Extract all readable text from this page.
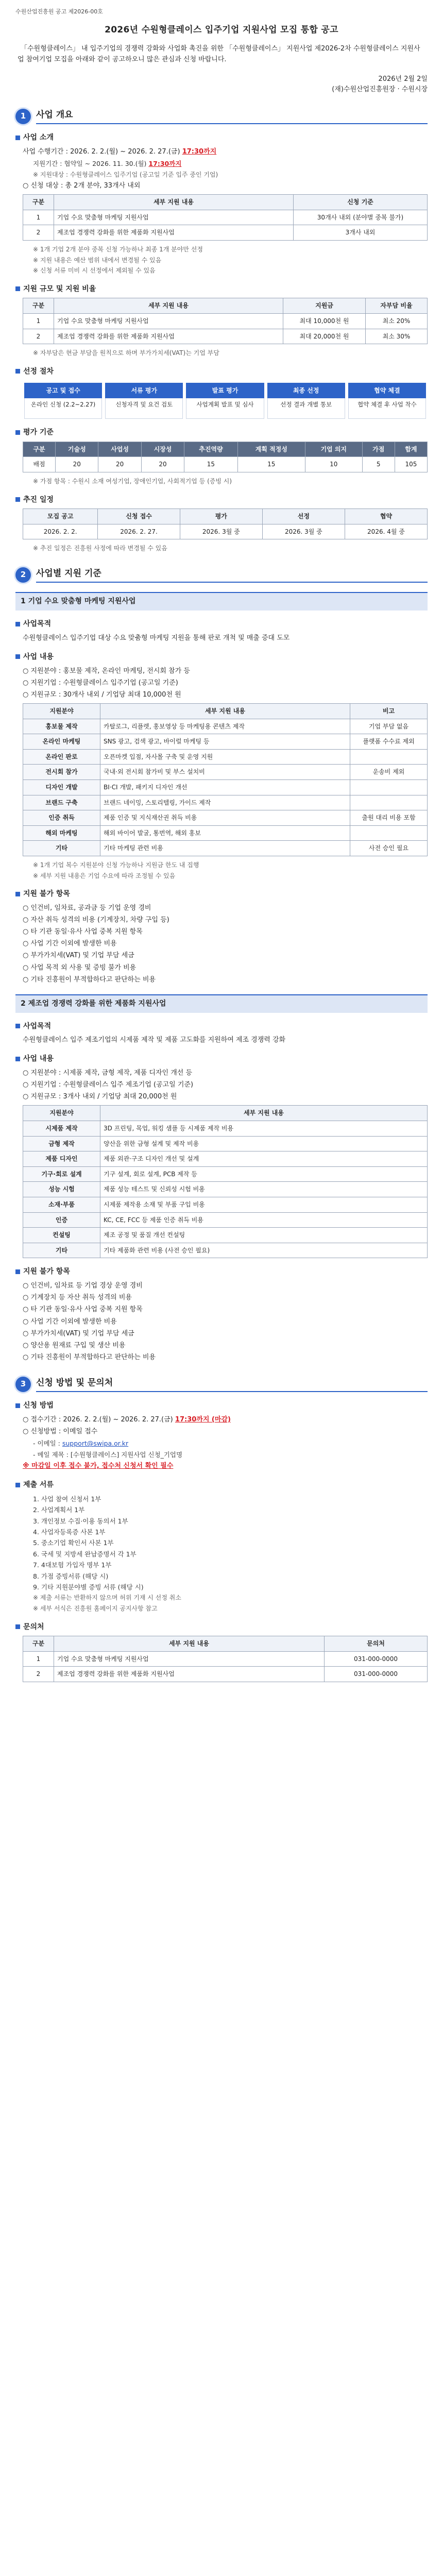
수원산업진흥원 공고 제2026-00호
2026년 수원형클레이스 입주기업 지원사업 모집 통합 공고

「수원형클레이스」 내 입주기업의 경쟁력 강화와 사업화 촉진을 위한 「수원형클레이스」 지원사업 제2026-2차 수원형클레이스 지원사업 참여기업 모집을 아래와 같이 공고하오니 많은 관심과 신청 바랍니다.

2026년 2월 2일
(재)수원산업진흥원장 · 수원시장
1	사업 개요
사업 소개
사업 수행기간 : 2026. 2. 2.(월) ~ 2026. 2. 27.(금) 17:30까지
지원기간 : 협약일 ~ 2026. 11. 30.(월) 17:30까지
※ 지원대상 : 수원형클레이스 입주기업 (공고일 기준 입주 중인 기업)
○ 신청 대상 : 총 2개 분야, 33개사 내외
구분	세부 지원 내용	신청 기준
1	기업 수요 맞춤형 마케팅 지원사업	30개사 내외 (분야별 중복 불가)
2	제조업 경쟁력 강화를 위한 제품화 지원사업	3개사 내외
※ 1개 기업 2개 분야 중복 신청 가능하나 최종 1개 분야만 선정
※ 지원 내용은 예산 범위 내에서 변경될 수 있음
※ 신청 서류 미비 시 선정에서 제외될 수 있음
지원 규모 및 지원 비율
구분	세부 지원 내용	지원금	자부담 비율
1	기업 수요 맞춤형 마케팅 지원사업	최대 10,000천 원	최소 20%
2	제조업 경쟁력 강화를 위한 제품화 지원사업	최대 20,000천 원	최소 30%
※ 자부담은 현금 부담을 원칙으로 하며 부가가치세(VAT)는 기업 부담
선정 절차
공고 및 접수
온라인 신청 (2.2~2.27)
서류 평가
신청자격 및 요건 검토
발표 평가
사업계획 발표 및 심사
최종 선정
선정 결과 개별 통보
협약 체결
협약 체결 후 사업 착수
평가 기준
구분	기술성	사업성	시장성	추진역량	계획 적정성	기업 의지	가점	합계
배점	20	20	20	15	15	10	5	105
※ 가점 항목 : 수원시 소재 여성기업, 장애인기업, 사회적기업 등 (증빙 시)
추진 일정
모집 공고	신청 접수	평가	선정	협약
2026. 2. 2.	2026. 2. 27.	2026. 3월 중	2026. 3월 중	2026. 4월 중
※ 추진 일정은 진흥원 사정에 따라 변경될 수 있음
2	사업별 지원 기준
1 기업 수요 맞춤형 마케팅 지원사업
사업목적
수원형클레이스 입주기업 대상 수요 맞춤형 마케팅 지원을 통해 판로 개척 및 매출 증대 도모
사업 내용
○ 지원분야 : 홍보물 제작, 온라인 마케팅, 전시회 참가 등
○ 지원기업 : 수원형클레이스 입주기업 (공고일 기준)
○ 지원규모 : 30개사 내외 / 기업당 최대 10,000천 원
지원분야	세부 지원 내용	비고
홍보물 제작	카탈로그, 리플렛, 홍보영상 등 마케팅용 콘텐츠 제작	기업 부담 없음
온라인 마케팅	SNS 광고, 검색 광고, 바이럴 마케팅 등	플랫폼 수수료 제외
온라인 판로	오픈마켓 입점, 자사몰 구축 및 운영 지원	
전시회 참가	국내·외 전시회 참가비 및 부스 설치비	운송비 제외
디자인 개발	BI·CI 개발, 패키지 디자인 개선	
브랜드 구축	브랜드 네이밍, 스토리텔링, 가이드 제작	
인증 취득	제품 인증 및 지식재산권 취득 비용	출원 대리 비용 포함
해외 마케팅	해외 바이어 발굴, 통번역, 해외 홍보	
기타	기타 마케팅 관련 비용	사전 승인 필요
※ 1개 기업 복수 지원분야 신청 가능하나 지원금 한도 내 집행
※ 세부 지원 내용은 기업 수요에 따라 조정될 수 있음
지원 불가 항목
○ 인건비, 임차료, 공과금 등 기업 운영 경비
○ 자산 취득 성격의 비용 (기계장치, 차량 구입 등)
○ 타 기관 동일·유사 사업 중복 지원 항목
○ 사업 기간 이외에 발생한 비용
○ 부가가치세(VAT) 및 기업 부담 세금
○ 사업 목적 외 사용 및 증빙 불가 비용
○ 기타 진흥원이 부적합하다고 판단하는 비용
2 제조업 경쟁력 강화를 위한 제품화 지원사업
사업목적
수원형클레이스 입주 제조기업의 시제품 제작 및 제품 고도화를 지원하여 제조 경쟁력 강화
사업 내용
○ 지원분야 : 시제품 제작, 금형 제작, 제품 디자인 개선 등
○ 지원기업 : 수원형클레이스 입주 제조기업 (공고일 기준)
○ 지원규모 : 3개사 내외 / 기업당 최대 20,000천 원
지원분야	세부 지원 내용
시제품 제작	3D 프린팅, 목업, 워킹 샘플 등 시제품 제작 비용
금형 제작	양산을 위한 금형 설계 및 제작 비용
제품 디자인	제품 외관·구조 디자인 개선 및 설계
기구·회로 설계	기구 설계, 회로 설계, PCB 제작 등
성능 시험	제품 성능 테스트 및 신뢰성 시험 비용
소재·부품	시제품 제작용 소재 및 부품 구입 비용
인증	KC, CE, FCC 등 제품 인증 취득 비용
컨설팅	제조 공정 및 품질 개선 컨설팅
기타	기타 제품화 관련 비용 (사전 승인 필요)
지원 불가 항목
○ 인건비, 임차료 등 기업 경상 운영 경비
○ 기계장치 등 자산 취득 성격의 비용
○ 타 기관 동일·유사 사업 중복 지원 항목
○ 사업 기간 이외에 발생한 비용
○ 부가가치세(VAT) 및 기업 부담 세금
○ 양산용 원재료 구입 및 생산 비용
○ 기타 진흥원이 부적합하다고 판단하는 비용
3	신청 방법 및 문의처
신청 방법
○ 접수기간 : 2026. 2. 2.(월) ~ 2026. 2. 27.(금) 17:30까지 (마감)
○ 신청방법 : 이메일 접수
- 이메일 : support@swipa.or.kr
- 메일 제목 : [수원형클레이스] 지원사업 신청_기업명
※ 마감일 이후 접수 불가, 접수처 신청서 확인 필수
제출 서류
1. 사업 참여 신청서 1부
2. 사업계획서 1부
3. 개인정보 수집·이용 동의서 1부
4. 사업자등록증 사본 1부
5. 중소기업 확인서 사본 1부
6. 국세 및 지방세 완납증명서 각 1부
7. 4대보험 가입자 명부 1부
8. 가점 증빙서류 (해당 시)
9. 기타 지원분야별 증빙 서류 (해당 시)
※ 제출 서류는 반환하지 않으며 허위 기재 시 선정 취소
※ 세부 서식은 진흥원 홈페이지 공지사항 참고
문의처
구분	세부 지원 내용	문의처
1	기업 수요 맞춤형 마케팅 지원사업	031-000-0000
2	제조업 경쟁력 강화를 위한 제품화 지원사업	031-000-0000
